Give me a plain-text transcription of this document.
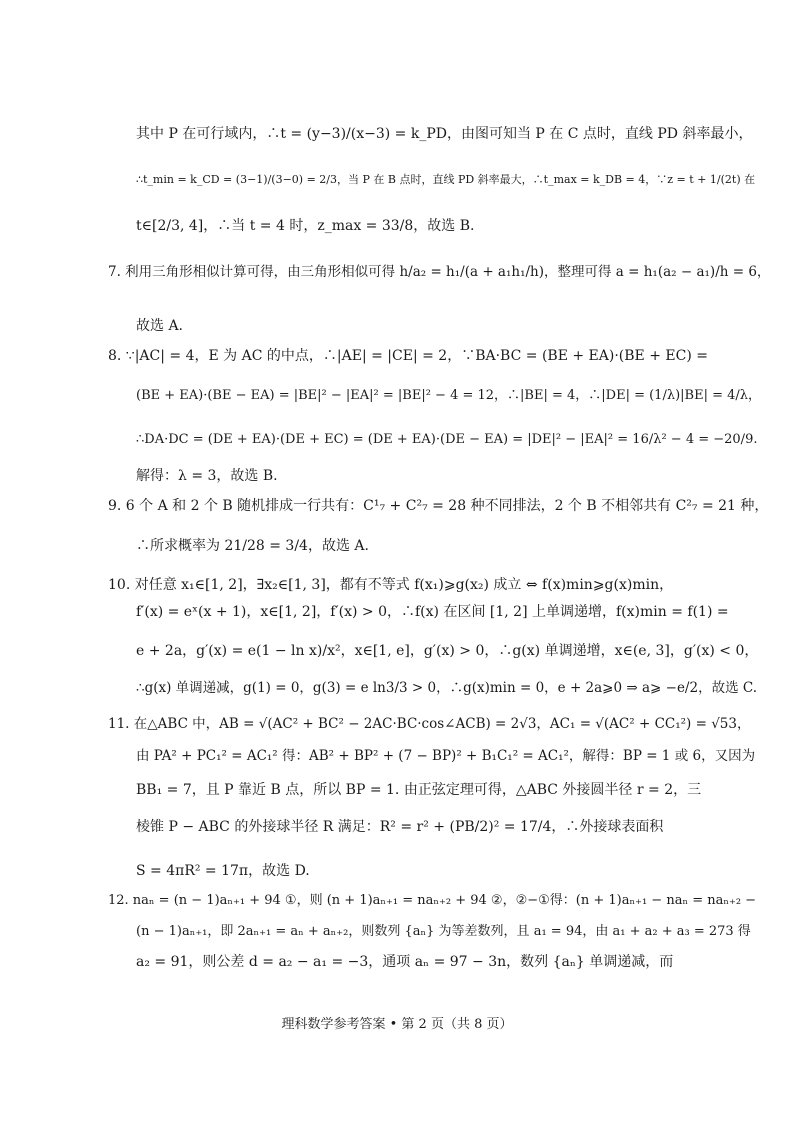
其中 P 在可行域内，∴t = (y−3)/(x−3) = k_PD，由图可知当 P 在 C 点时，直线 PD 斜率最小，
∴t_min = k_CD = (3−1)/(3−0) = 2/3，当 P 在 B 点时，直线 PD 斜率最大，∴t_max = k_DB = 4，∵z = t + 1/(2t) 在
t∈[2/3, 4]，∴当 t = 4 时，z_max = 33/8，故选 B.
7. 利用三角形相似计算可得，由三角形相似可得 h/a₂ = h₁/(a + a₁h₁/h)，整理可得 a = h₁(a₂ − a₁)/h = 6，
故选 A.
8. ∵|AC| = 4，E 为 AC 的中点，∴|AE| = |CE| = 2，∵BA·BC = (BE + EA)·(BE + EC) =
(BE + EA)·(BE − EA) = |BE|² − |EA|² = |BE|² − 4 = 12，∴|BE| = 4，∴|DE| = (1/λ)|BE| = 4/λ，
∴DA·DC = (DE + EA)·(DE + EC) = (DE + EA)·(DE − EA) = |DE|² − |EA|² = 16/λ² − 4 = −20/9.
解得：λ = 3，故选 B.
9. 6 个 A 和 2 个 B 随机排成一行共有：C¹₇ + C²₇ = 28 种不同排法，2 个 B 不相邻共有 C²₇ = 21 种，
∴所求概率为 21/28 = 3/4，故选 A.
10. 对任意 x₁∈[1, 2]，∃x₂∈[1, 3]，都有不等式 f(x₁)⩾g(x₂) 成立 ⇔ f(x)min⩾g(x)min，
f′(x) = eˣ(x + 1)，x∈[1, 2]，f′(x) > 0，∴f(x) 在区间 [1, 2] 上单调递增，f(x)min = f(1) =
e + 2a，g′(x) = e(1 − ln x)/x²，x∈[1, e]，g′(x) > 0，∴g(x) 单调递增，x∈(e, 3]，g′(x) < 0，
∴g(x) 单调递减，g(1) = 0，g(3) = e ln3/3 > 0，∴g(x)min = 0，e + 2a⩾0 ⇒ a⩾ −e/2，故选 C.
11. 在△ABC 中，AB = √(AC² + BC² − 2AC·BC·cos∠ACB) = 2√3，AC₁ = √(AC² + CC₁²) = √53，
由 PA² + PC₁² = AC₁² 得：AB² + BP² + (7 − BP)² + B₁C₁² = AC₁²，解得：BP = 1 或 6，又因为
BB₁ = 7，且 P 靠近 B 点，所以 BP = 1. 由正弦定理可得，△ABC 外接圆半径 r = 2，三
棱锥 P − ABC 的外接球半径 R 满足：R² = r² + (PB/2)² = 17/4，∴外接球表面积
S = 4πR² = 17π，故选 D.
12. naₙ = (n − 1)aₙ₊₁ + 94 ①，则 (n + 1)aₙ₊₁ = naₙ₊₂ + 94 ②，②−①得：(n + 1)aₙ₊₁ − naₙ = naₙ₊₂ −
(n − 1)aₙ₊₁，即 2aₙ₊₁ = aₙ + aₙ₊₂，则数列 {aₙ} 为等差数列，且 a₁ = 94，由 a₁ + a₂ + a₃ = 273 得
a₂ = 91，则公差 d = a₂ − a₁ = −3，通项 aₙ = 97 − 3n，数列 {aₙ} 单调递减，而
理科数学参考答案 • 第 2 页（共 8 页）
